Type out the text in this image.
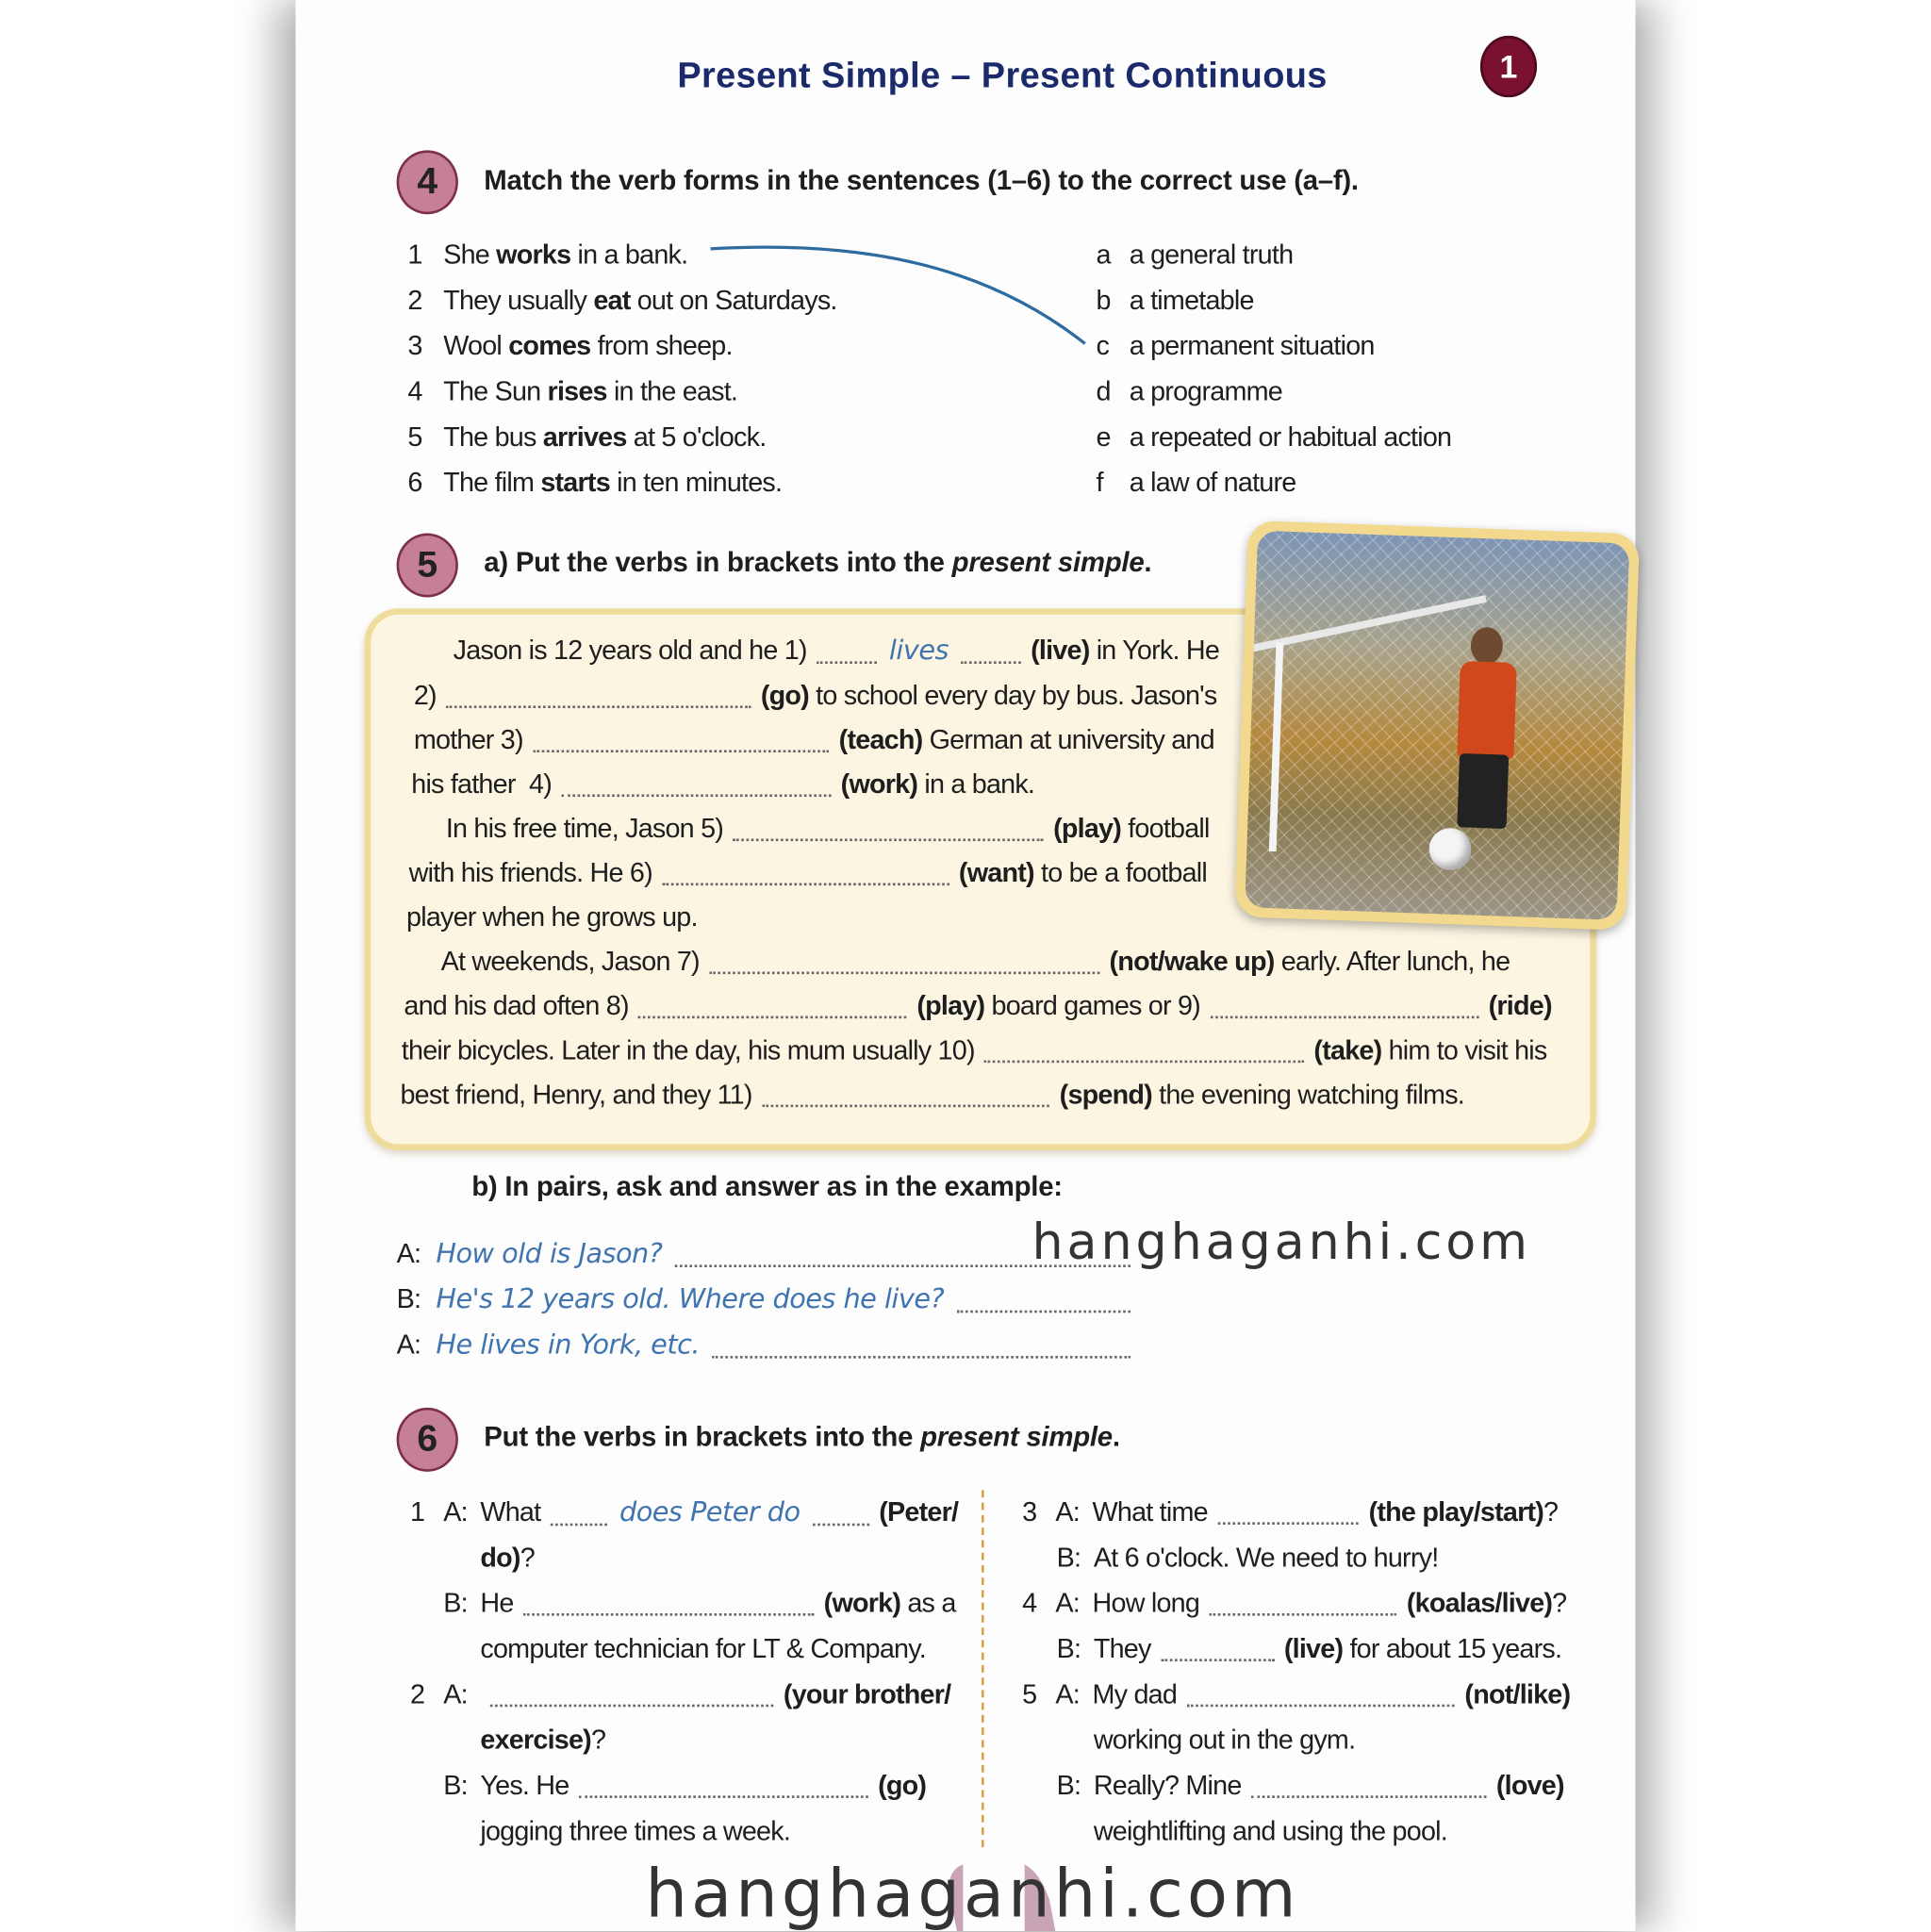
Present Simple – Present Continuous	1
4	Match the verb forms in the sentences (1–6) to the correct use (a–f).
1 She works in a bank.
2 They usually eat out on Saturdays.
3 Wool comes from sheep.
4 The Sun rises in the east.
5 The bus arrives at 5 o'clock.
6 The film starts in ten minutes.
a a general truth
b a timetable
c a permanent situation
d a programme
e a repeated or habitual action
f a law of nature
5	a) Put the verbs in brackets into the present simple.
Jason is 12 years old and he 1)	lives	(live) in York. He
2)	(go) to school every day by bus. Jason's
mother 3)	(teach) German at university and
his father  4)	(work) in a bank.
In his free time, Jason 5)	(play) football
with his friends. He 6)	(want) to be a football
player when he grows up.
At weekends, Jason 7)	(not/wake up) early. After lunch, he
and his dad often 8)	(play) board games or 9)	(ride)
their bicycles. Later in the day, his mum usually 10)	(take) him to visit his
best friend, Henry, and they 11)	(spend) the evening watching films.
b) In pairs, ask and answer as in the example:
A: How old is Jason?
B: He's 12 years old. Where does he live?
A: He lives in York, etc.
6	Put the verbs in brackets into the present simple.
1 A: What	does Peter do	(Peter/
do) ?
B: He	(work) as a
computer technician for LT & Company.
2 A:	(your brother/
exercise) ?
B: Yes. He	(go)
jogging three times a week.
3 A: What time	(the play/start) ?
B: At 6 o'clock. We need to hurry!
4 A: How long	(koalas/live) ?
B: They	(live) for about 15 years.
5 A: My dad	(not/like)
working out in the gym.
B: Really? Mine	(love)
weightlifting and using the pool.
hanghaganhi.com
hanghaganhi.com
